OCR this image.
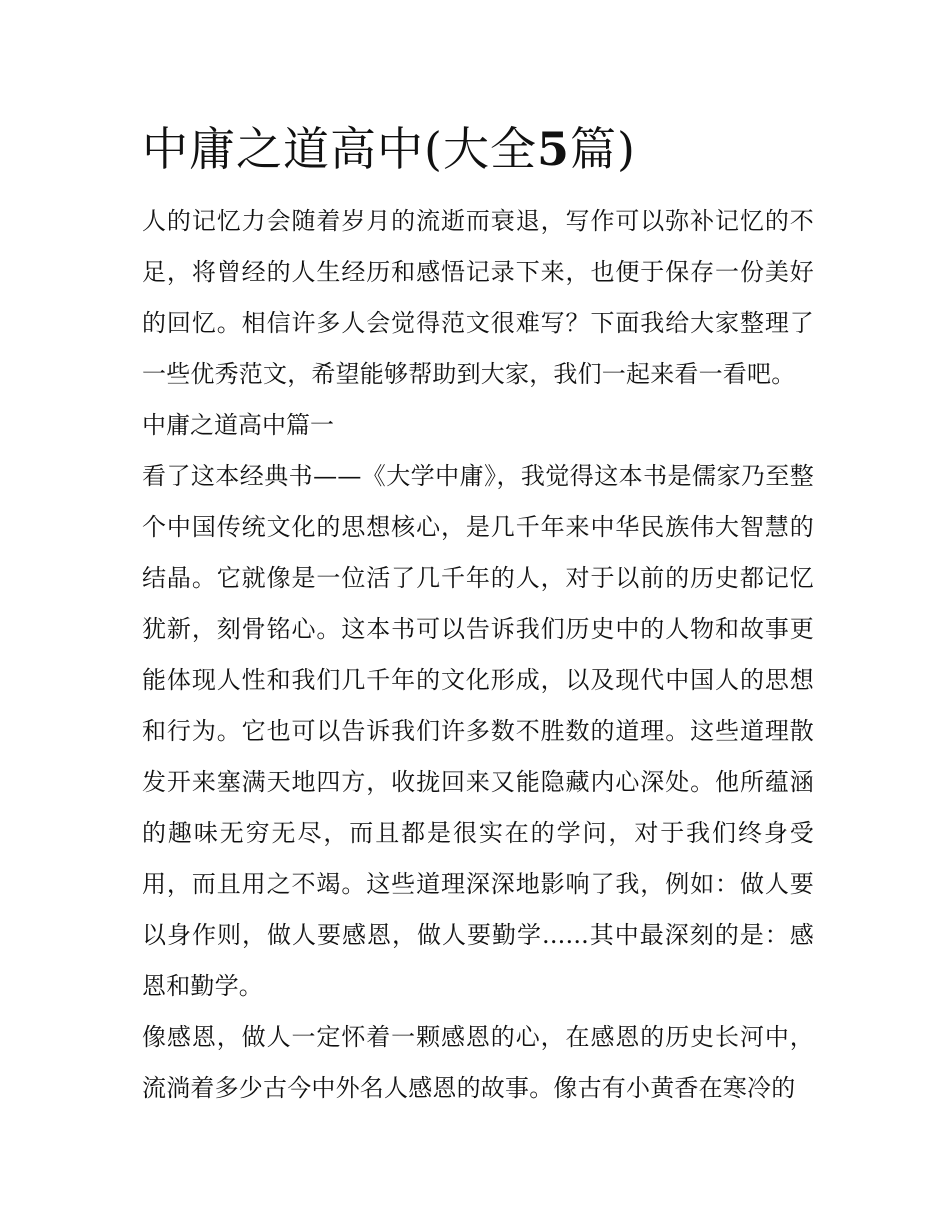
中庸之道高中(大全5篇)

人的记忆力会随着岁月的流逝而衰退，写作可以弥补记忆的不足，将曾经的人生经历和感悟记录下来，也便于保存一份美好的回忆。相信许多人会觉得范文很难写？下面我给大家整理了一些优秀范文，希望能够帮助到大家，我们一起来看一看吧。

中庸之道高中篇一

看了这本经典书——《大学中庸》，我觉得这本书是儒家乃至整个中国传统文化的思想核心，是几千年来中华民族伟大智慧的结晶。它就像是一位活了几千年的人，对于以前的历史都记忆犹新，刻骨铭心。这本书可以告诉我们历史中的人物和故事更能体现人性和我们几千年的文化形成，以及现代中国人的思想和行为。它也可以告诉我们许多数不胜数的道理。这些道理散发开来塞满天地四方，收拢回来又能隐藏内心深处。他所蕴涵的趣味无穷无尽，而且都是很实在的学问，对于我们终身受用，而且用之不竭。这些道理深深地影响了我，例如：做人要以身作则，做人要感恩，做人要勤学......其中最深刻的是：感恩和勤学。

像感恩，做人一定怀着一颗感恩的心，在感恩的历史长河中，流淌着多少古今中外名人感恩的故事。像古有小黄香在寒冷的
